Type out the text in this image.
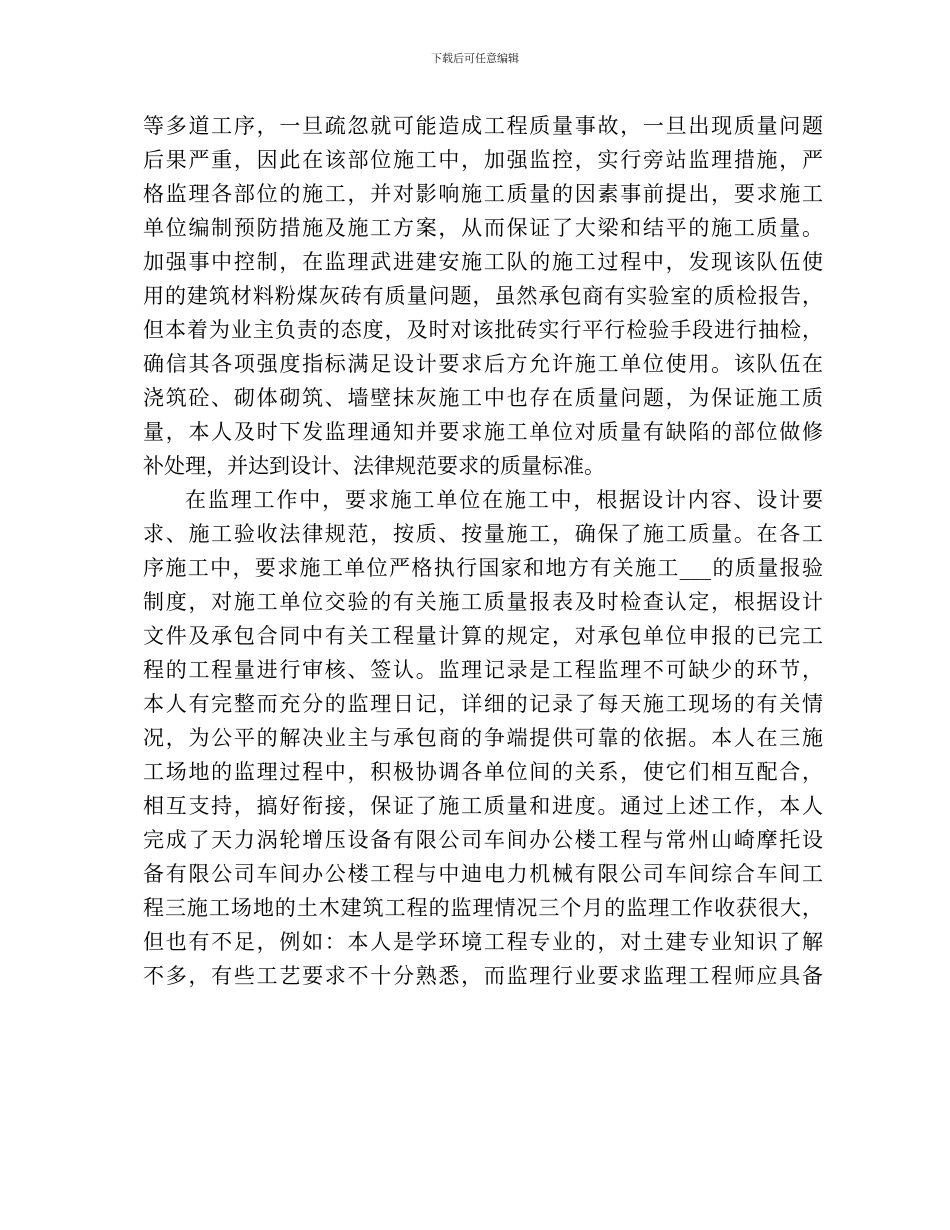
下载后可任意编辑
等多道工序，一旦疏忽就可能造成工程质量事故，一旦出现质量问题
后果严重，因此在该部位施工中，加强监控，实行旁站监理措施，严
格监理各部位的施工，并对影响施工质量的因素事前提出，要求施工
单位编制预防措施及施工方案，从而保证了大梁和结平的施工质量。
加强事中控制，在监理武进建安施工队的施工过程中，发现该队伍使
用的建筑材料粉煤灰砖有质量问题，虽然承包商有实验室的质检报告，
但本着为业主负责的态度，及时对该批砖实行平行检验手段进行抽检，
确信其各项强度指标满足设计要求后方允许施工单位使用。该队伍在
浇筑砼、砌体砌筑、墙壁抹灰施工中也存在质量问题，为保证施工质
量，本人及时下发监理通知并要求施工单位对质量有缺陷的部位做修
补处理，并达到设计、法律规范要求的质量标准。
在监理工作中，要求施工单位在施工中，根据设计内容、设计要
求、施工验收法律规范，按质、按量施工，确保了施工质量。在各工
序施工中，要求施工单位严格执行国家和地方有关施工___的质量报验
制度，对施工单位交验的有关施工质量报表及时检查认定，根据设计
文件及承包合同中有关工程量计算的规定，对承包单位申报的已完工
程的工程量进行审核、签认。监理记录是工程监理不可缺少的环节，
本人有完整而充分的监理日记，详细的记录了每天施工现场的有关情
况，为公平的解决业主与承包商的争端提供可靠的依据。本人在三施
工场地的监理过程中，积极协调各单位间的关系，使它们相互配合，
相互支持，搞好衔接，保证了施工质量和进度。通过上述工作，本人
完成了天力涡轮增压设备有限公司车间办公楼工程与常州山崎摩托设
备有限公司车间办公楼工程与中迪电力机械有限公司车间综合车间工
程三施工场地的土木建筑工程的监理情况三个月的监理工作收获很大，
但也有不足，例如：本人是学环境工程专业的，对土建专业知识了解
不多，有些工艺要求不十分熟悉，而监理行业要求监理工程师应具备
